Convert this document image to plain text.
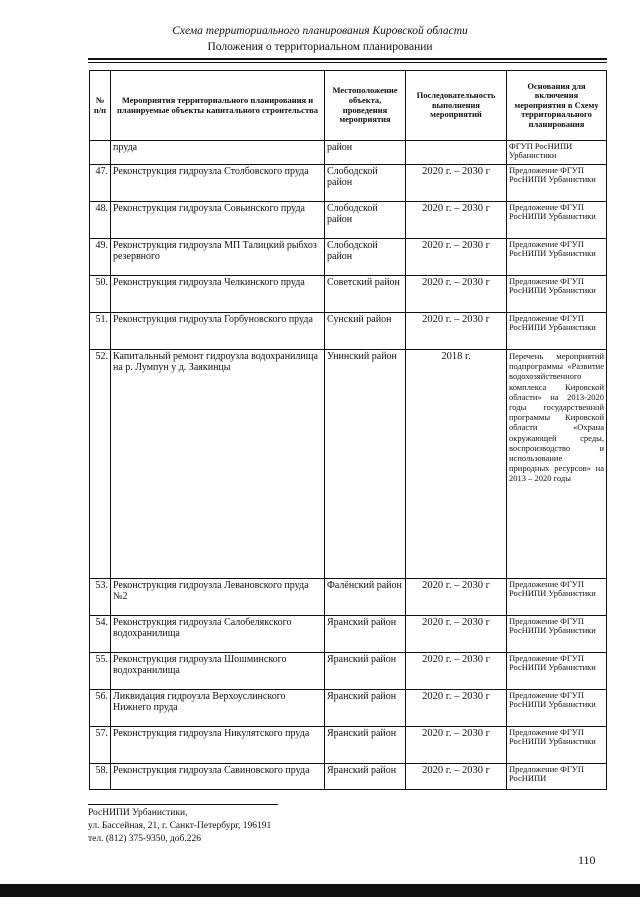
Схема территориального планирования Кировской области
Положения о территориальном планировании
№ п/п	Мероприятия территориального планирования и планируемые объекты капитального строительства	Местоположение объекта, проведения мероприятия	Последовательность выполнения мероприятий	Основания для включения мероприятия в Схему территориального планирования
	пруда	район		ФГУП РосНИПИ Урбанистики
47.	Реконструкция гидроузла Столбовского пруда	Слободской район	2020 г. – 2030 г	Предложение ФГУП РосНИПИ Урбанистики
48.	Реконструкция гидроузла Совьинского пруда	Слободской район	2020 г. – 2030 г	Предложение ФГУП РосНИПИ Урбанистики
49.	Реконструкция гидроузла МП Талицкий рыбхоз резервного	Слободской район	2020 г. – 2030 г	Предложение ФГУП РосНИПИ Урбанистики
50.	Реконструкция гидроузла Челкинского пруда	Советский район	2020 г. – 2030 г	Предложение ФГУП РосНИПИ Урбанистики
51.	Реконструкция гидроузла Горбуновского пруда	Сунский район	2020 г. – 2030 г	Предложение ФГУП РосНИПИ Урбанистики
52.	Капитальный ремонт гидроузла водохранилища на р. Лумпун у д. Заякинцы	Унинский район	2018 г.	Перечень мероприятий подпрограммы «Развитие водохозяйственного комплекса Кировской области» на 2013-2020 годы государственной программы Кировской области «Охрана окружающей среды, воспроизводство и использование природных ресурсов» на 2013 – 2020 годы
53.	Реконструкция гидроузла Левановского пруда №2	Фалёнский район	2020 г. – 2030 г	Предложение ФГУП РосНИПИ Урбанистики
54.	Реконструкция гидроузла Салобелякского водохранилища	Яранский район	2020 г. – 2030 г	Предложение ФГУП РосНИПИ Урбанистики
55.	Реконструкция гидроузла Шошминского водохранилища	Яранский район	2020 г. – 2030 г	Предложение ФГУП РосНИПИ Урбанистики
56.	Ликвидация гидроузла Верхоуслинского Нижнего пруда	Яранский район	2020 г. – 2030 г	Предложение ФГУП РосНИПИ Урбанистики
57.	Реконструкция гидроузла Никулятского пруда	Яранский район	2020 г. – 2030 г	Предложение ФГУП РосНИПИ Урбанистики
58.	Реконструкция гидроузла Савиновского пруда	Яранский район	2020 г. – 2030 г	Предложение ФГУП РосНИПИ
РосНИПИ Урбанистики,
ул. Бассейная, 21, г. Санкт-Петербург, 196191
тел. (812) 375-9350, доб.226
110
